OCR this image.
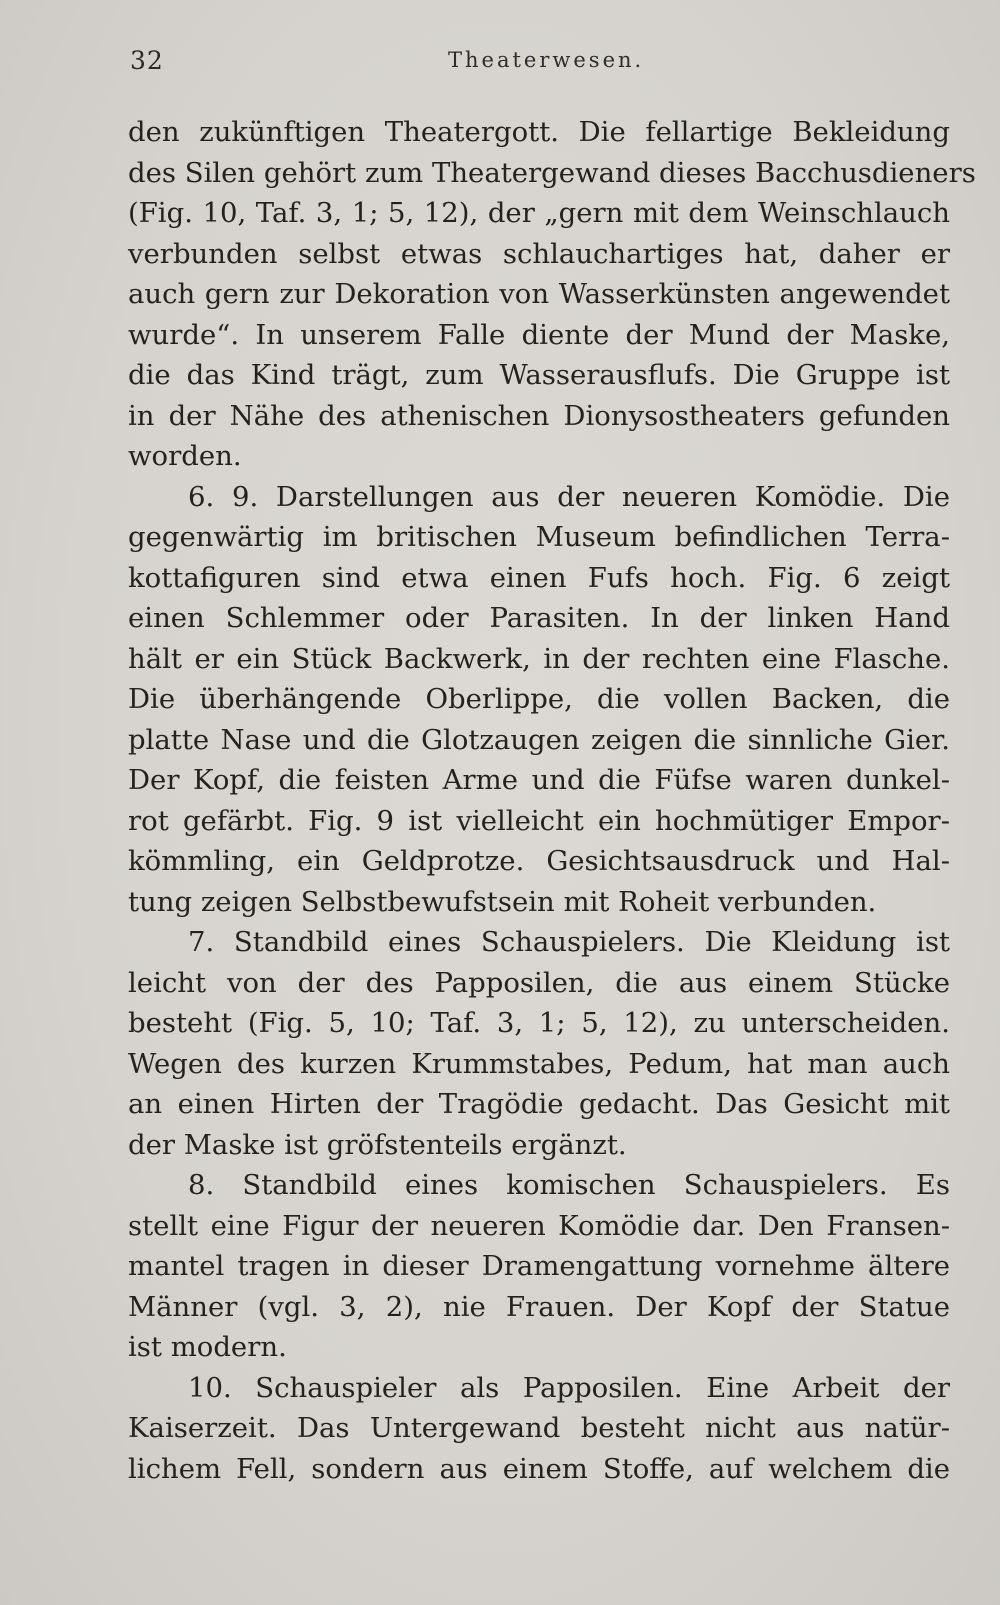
32	Theaterwesen.
den zukünftigen Theatergott. Die fellartige Bekleidung
des Silen gehört zum Theatergewand dieses Bacchusdieners
(Fig. 10, Taf. 3, 1; 5, 12), der „gern mit dem Weinschlauch
verbunden selbst etwas schlauchartiges hat, daher er
auch gern zur Dekoration von Wasserkünsten angewendet
wurde“. In unserem Falle diente der Mund der Maske,
die das Kind trägt, zum Wasserausflufs. Die Gruppe ist
in der Nähe des athenischen Dionysostheaters gefunden
worden.
6. 9. Darstellungen aus der neueren Komödie. Die
gegenwärtig im britischen Museum befindlichen Terra-
kottafiguren sind etwa einen Fufs hoch. Fig. 6 zeigt
einen Schlemmer oder Parasiten. In der linken Hand
hält er ein Stück Backwerk, in der rechten eine Flasche.
Die überhängende Oberlippe, die vollen Backen, die
platte Nase und die Glotzaugen zeigen die sinnliche Gier.
Der Kopf, die feisten Arme und die Füfse waren dunkel-
rot gefärbt. Fig. 9 ist vielleicht ein hochmütiger Empor-
kömmling, ein Geldprotze. Gesichtsausdruck und Hal-
tung zeigen Selbstbewufstsein mit Roheit verbunden.
7. Standbild eines Schauspielers. Die Kleidung ist
leicht von der des Papposilen, die aus einem Stücke
besteht (Fig. 5, 10; Taf. 3, 1; 5, 12), zu unterscheiden.
Wegen des kurzen Krummstabes, Pedum, hat man auch
an einen Hirten der Tragödie gedacht. Das Gesicht mit
der Maske ist gröfstenteils ergänzt.
8. Standbild eines komischen Schauspielers. Es
stellt eine Figur der neueren Komödie dar. Den Fransen-
mantel tragen in dieser Dramengattung vornehme ältere
Männer (vgl. 3, 2), nie Frauen. Der Kopf der Statue
ist modern.
10. Schauspieler als Papposilen. Eine Arbeit der
Kaiserzeit. Das Untergewand besteht nicht aus natür-
lichem Fell, sondern aus einem Stoffe, auf welchem die
